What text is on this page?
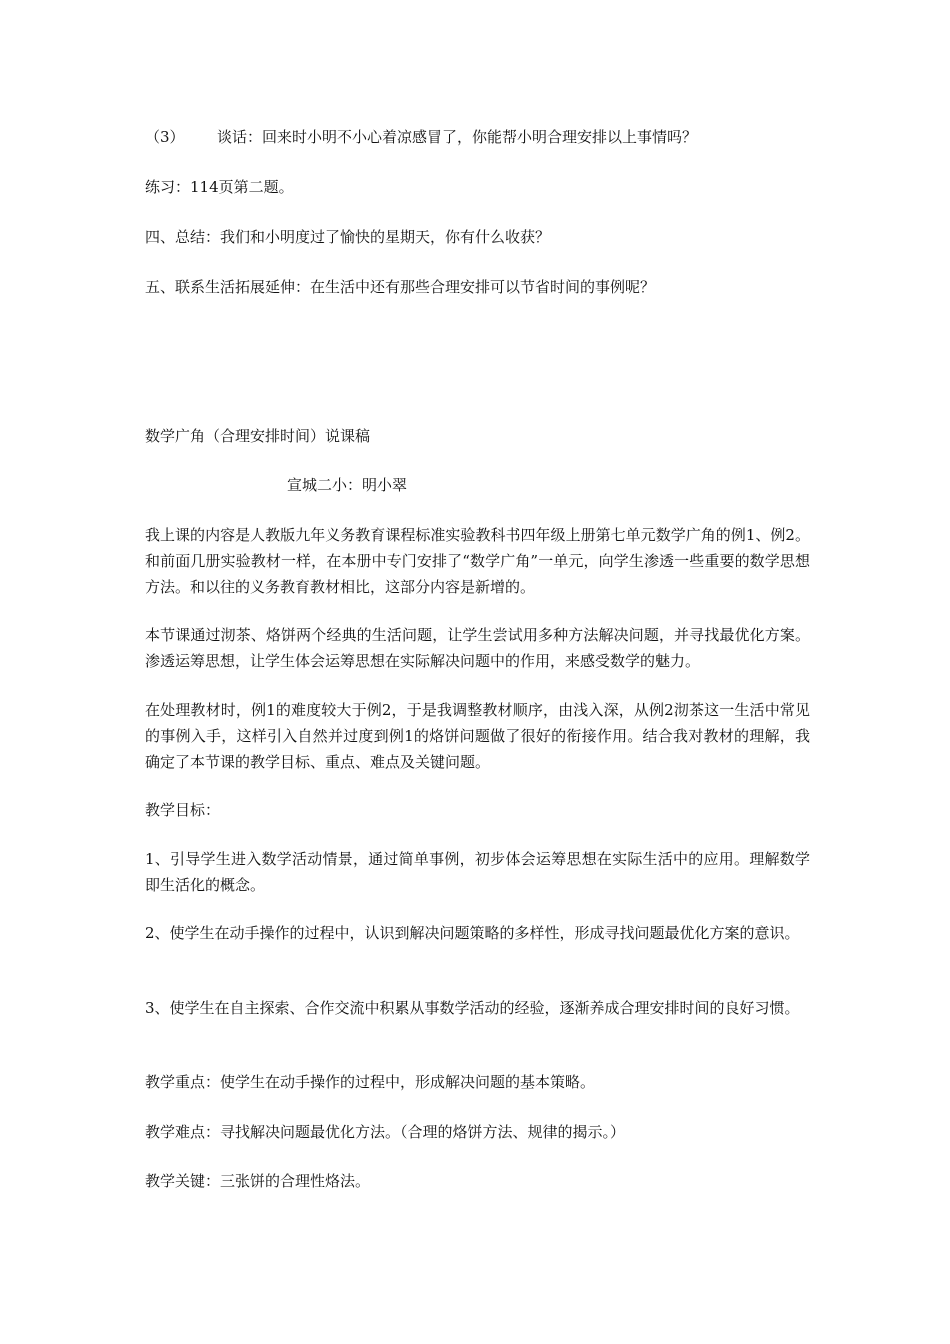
（3） 谈话：回来时小明不小心着凉感冒了，你能帮小明合理安排以上事情吗？

练习：114页第二题。

四、总结：我们和小明度过了愉快的星期天，你有什么收获？

五、联系生活拓展延伸：在生活中还有那些合理安排可以节省时间的事例呢？

数学广角（合理安排时间）说课稿

宣城二小：明小翠

我上课的内容是人教版九年义务教育课程标准实验教科书四年级上册第七单元数学广角的例1、例2。和前面几册实验教材一样，在本册中专门安排了“数学广角”一单元，向学生渗透一些重要的数学思想方法。和以往的义务教育教材相比，这部分内容是新增的。

本节课通过沏茶、烙饼两个经典的生活问题，让学生尝试用多种方法解决问题，并寻找最优化方案。渗透运筹思想，让学生体会运筹思想在实际解决问题中的作用，来感受数学的魅力。

在处理教材时，例1的难度较大于例2，于是我调整教材顺序，由浅入深，从例2沏茶这一生活中常见的事例入手，这样引入自然并过度到例1的烙饼问题做了很好的衔接作用。结合我对教材的理解，我确定了本节课的教学目标、重点、难点及关键问题。

教学目标：

1、引导学生进入数学活动情景，通过简单事例，初步体会运筹思想在实际生活中的应用。理解数学即生活化的概念。

2、使学生在动手操作的过程中，认识到解决问题策略的多样性，形成寻找问题最优化方案的意识。

3、使学生在自主探索、合作交流中积累从事数学活动的经验，逐渐养成合理安排时间的良好习惯。

教学重点：使学生在动手操作的过程中，形成解决问题的基本策略。

教学难点：寻找解决问题最优化方法。（合理的烙饼方法、规律的揭示。）

教学关键：三张饼的合理性烙法。
